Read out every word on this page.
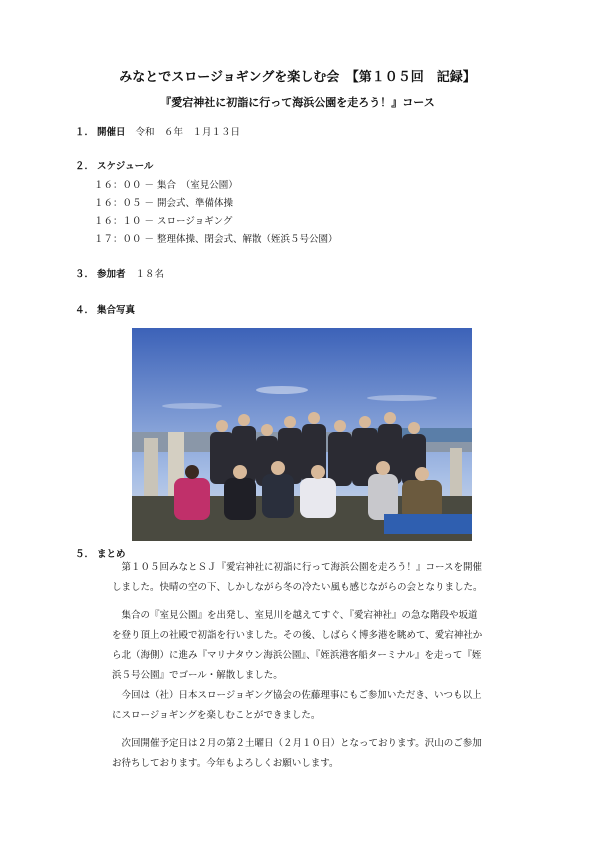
みなとでスロージョギングを楽しむ会　【第１０５回　記録】
『愛宕神社に初詣に行って海浜公園を走ろう！』コース
１． 開催日 令和　６年　１月１３日
２． スケジュール
１６：００ － 集合　（室見公園）
１６：０５ － 開会式、準備体操
１６：１０ － スロージョギング
１７：００ － 整理体操、閉会式、解散（姪浜５号公園）
３． 参加者 １８名
４． 集合写真
５． まとめ

　第１０５回みなとＳＪ『愛宕神社に初詣に行って海浜公園を走ろう！』コースを開催

しました。快晴の空の下、しかしながら冬の冷たい風も感じながらの会となりました。

　集合の『室見公園』を出発し、室見川を越えてすぐ、『愛宕神社』の急な階段や坂道

を登り頂上の社殿で初詣を行いました。その後、しばらく博多港を眺めて、愛宕神社か

ら北（海側）に進み『マリナタウン海浜公園』、『姪浜港客船ターミナル』を走って『姪

浜５号公園』でゴール・解散しました。

　今回は（社）日本スロージョギング協会の佐藤理事にもご参加いただき、いつも以上

にスロージョギングを楽しむことができました。

　次回開催予定日は２月の第２土曜日（２月１０日）となっております。沢山のご参加

お待ちしております。今年もよろしくお願いします。
